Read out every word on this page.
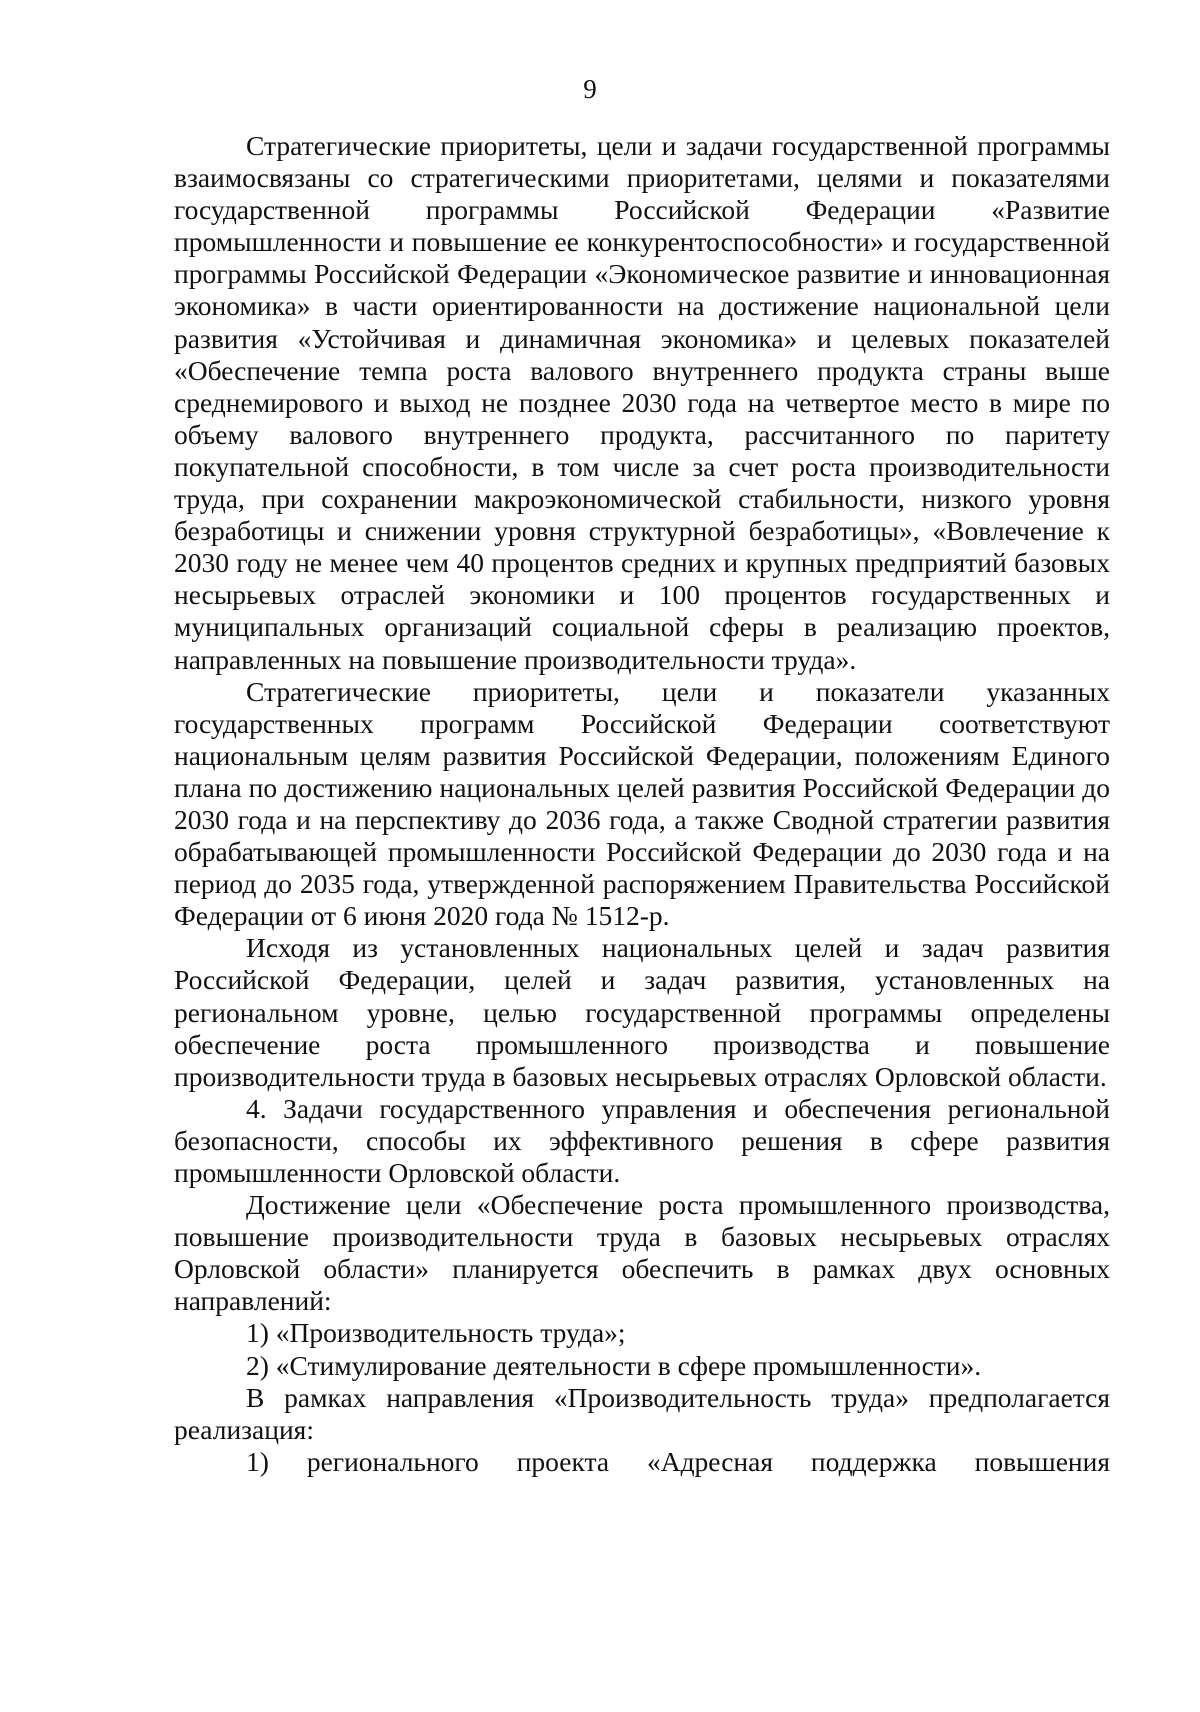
9

Стратегические приоритеты, цели и задачи государственной программы взаимосвязаны со стратегическими приоритетами, целями и показателями государственной программы Российской Федерации «Развитие промышленности и повышение ее конкурентоспособности» и государственной программы Российской Федерации «Экономическое развитие и инновационная экономика» в части ориентированности на достижение национальной цели развития «Устойчивая и динамичная экономика» и целевых показателей «Обеспечение темпа роста валового внутреннего продукта страны выше среднемирового и выход не позднее 2030 года на четвертое место в мире по объему валового внутреннего продукта, рассчитанного по паритету покупательной способности, в том числе за счет роста производительности труда, при сохранении макроэкономической стабильности, низкого уровня безработицы и снижении уровня структурной безработицы», «Вовлечение к 2030 году не менее чем 40 процентов средних и крупных предприятий базовых несырьевых отраслей экономики и 100 процентов государственных и муниципальных организаций социальной сферы в реализацию проектов, направленных на повышение производительности труда».

Стратегические приоритеты, цели и показатели указанных государственных программ Российской Федерации соответствуют национальным целям развития Российской Федерации, положениям Единого плана по достижению национальных целей развития Российской Федерации до 2030 года и на перспективу до 2036 года, а также Сводной стратегии развития обрабатывающей промышленности Российской Федерации до 2030 года и на период до 2035 года, утвержденной распоряжением Правительства Российской Федерации от 6 июня 2020 года № 1512-р.

Исходя из установленных национальных целей и задач развития Российской Федерации, целей и задач развития, установленных на региональном уровне, целью государственной программы определены обеспечение роста промышленного производства и повышение производительности труда в базовых несырьевых отраслях Орловской области.

4. Задачи государственного управления и обеспечения региональной безопасности, способы их эффективного решения в сфере развития промышленности Орловской области.

Достижение цели «Обеспечение роста промышленного производства, повышение производительности труда в базовых несырьевых отраслях Орловской области» планируется обеспечить в рамках двух основных направлений:

1) «Производительность труда»;

2) «Стимулирование деятельности в сфере промышленности».

В рамках направления «Производительность труда» предполагается реализация:

1) регионального проекта «Адресная поддержка повышения
